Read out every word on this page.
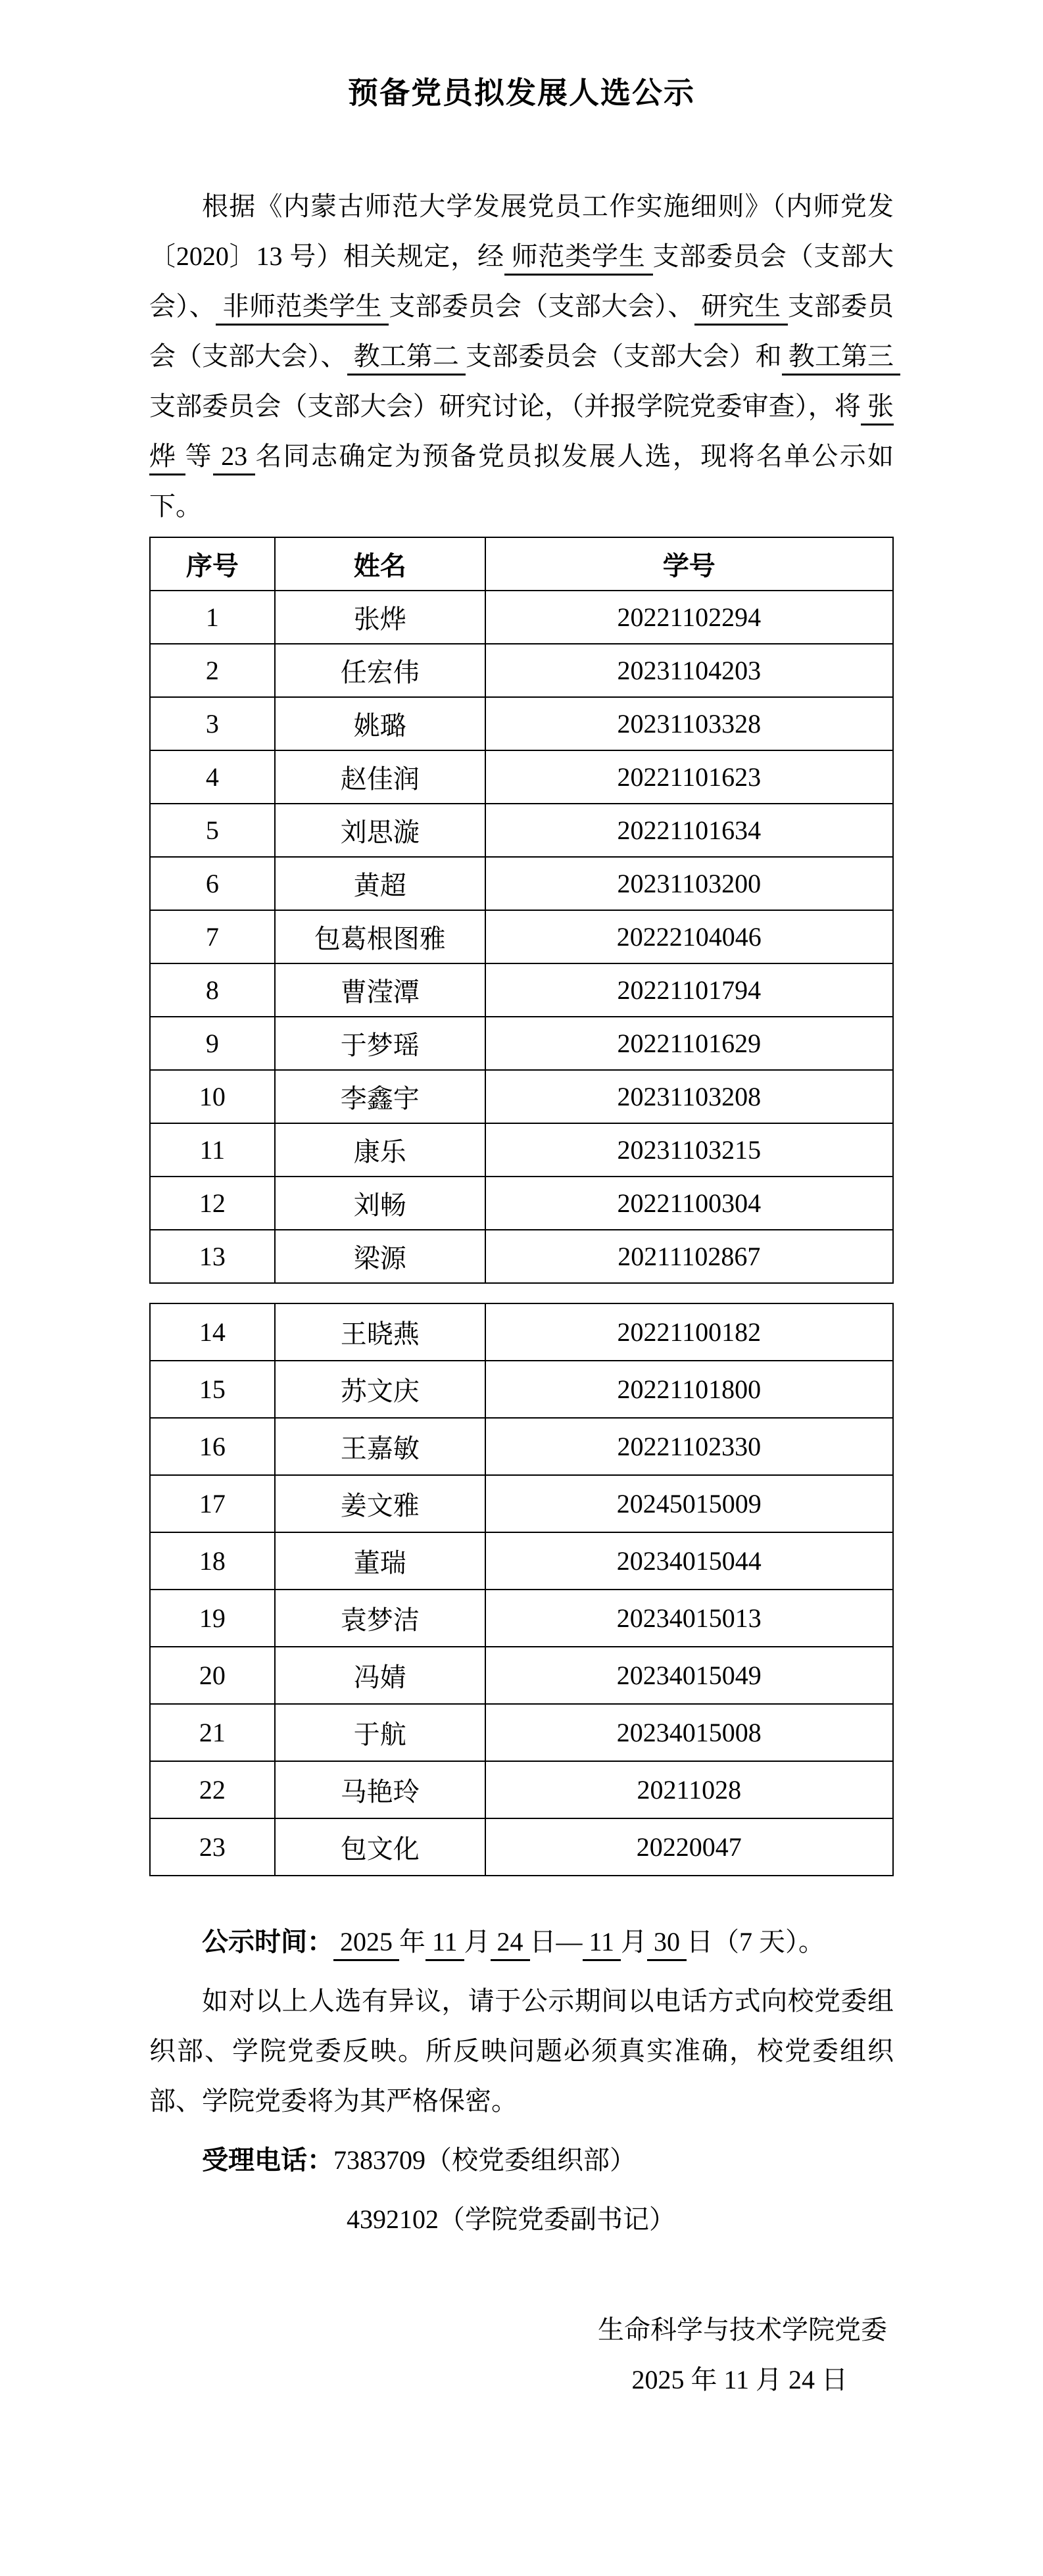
预备党员拟发展人选公示

根据《内蒙古师范大学发展党员工作实施细则》（内师党发〔2020〕13 号）相关规定，经 师范类学生 支部委员会（支部大会）、 非师范类学生 支部委员会（支部大会）、 研究生 支部委员会（支部大会）、 教工第二 支部委员会（支部大会）和 教工第三 支部委员会（支部大会）研究讨论，（并报学院党委审查），将 张烨 等 23 名同志确定为预备党员拟发展人选，现将名单公示如下。

序号	姓名	学号
1	张烨	20221102294
2	任宏伟	20231104203
3	姚璐	20231103328
4	赵佳润	20221101623
5	刘思漩	20221101634
6	黄超	20231103200
7	包葛根图雅	20222104046
8	曹滢潭	20221101794
9	于梦瑶	20221101629
10	李鑫宇	20231103208
11	康乐	20231103215
12	刘畅	20221100304
13	梁源	20211102867
14	王晓燕	20221100182
15	苏文庆	20221101800
16	王嘉敏	20221102330
17	姜文雅	20245015009
18	董瑞	20234015044
19	袁梦洁	20234015013
20	冯婧	20234015049
21	于航	20234015008
22	马艳玲	20211028
23	包文化	20220047

公示时间： 2025 年 11 月 24 日— 11 月 30 日（7 天）。

如对以上人选有异议，请于公示期间以电话方式向校党委组织部、学院党委反映。所反映问题必须真实准确，校党委组织部、学院党委将为其严格保密。

受理电话：7383709（校党委组织部）

4392102（学院党委副书记）

生命科学与技术学院党委

2025 年 11 月 24 日
